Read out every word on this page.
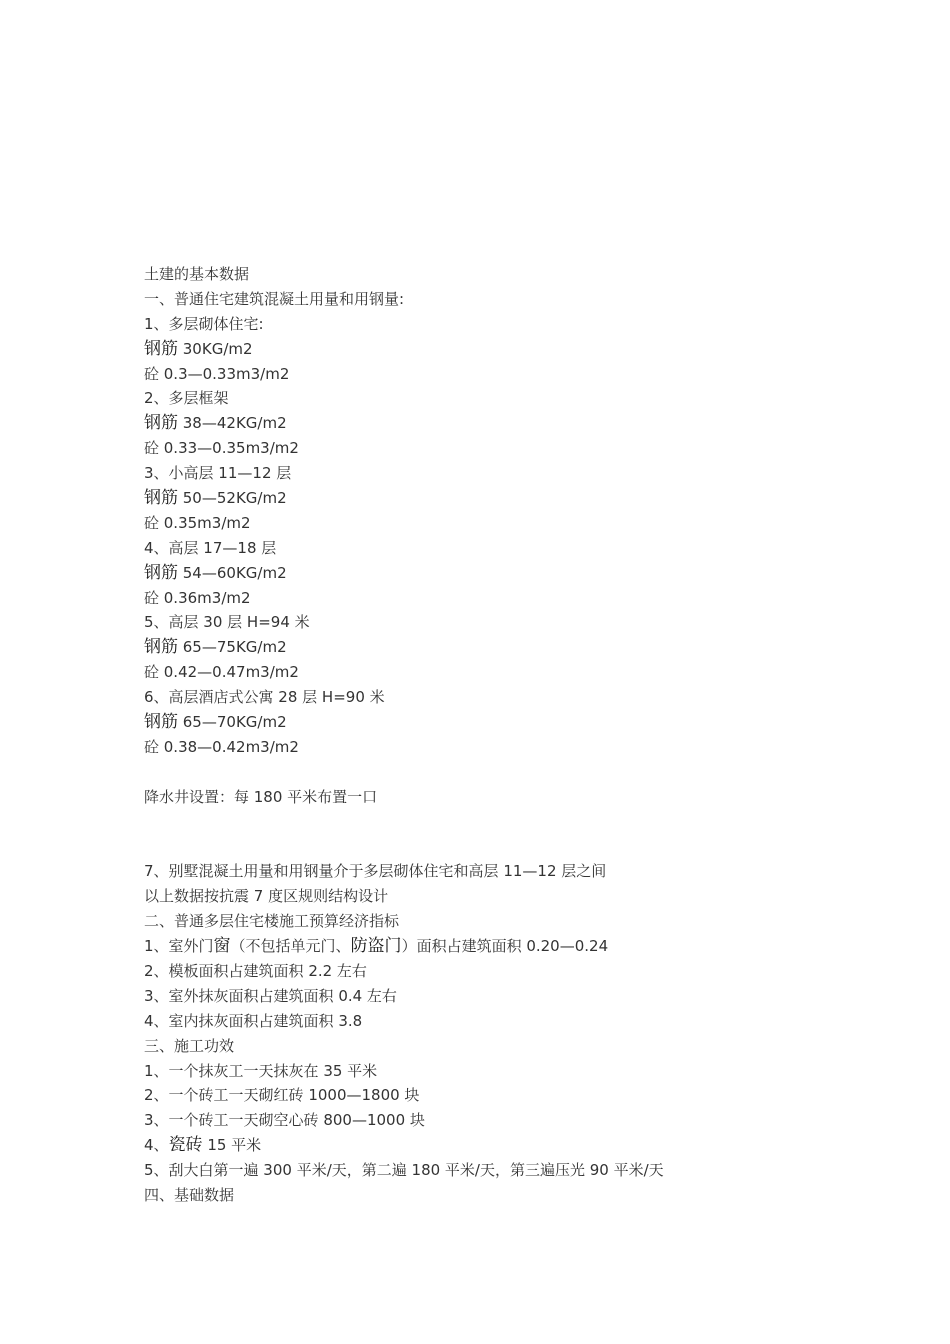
土建的基本数据
一、普通住宅建筑混凝土用量和用钢量:
1、多层砌体住宅:
钢筋 30KG/m2
砼 0.3—0.33m3/m2
2、多层框架
钢筋 38—42KG/m2
砼 0.33—0.35m3/m2
3、小高层 11—12 层
钢筋 50—52KG/m2
砼 0.35m3/m2
4、高层 17—18 层
钢筋 54—60KG/m2
砼 0.36m3/m2
5、高层 30 层 H=94 米
钢筋 65—75KG/m2
砼 0.42—0.47m3/m2
6、高层酒店式公寓 28 层 H=90 米
钢筋 65—70KG/m2
砼 0.38—0.42m3/m2

降水井设置：每 180 平米布置一口

7、别墅混凝土用量和用钢量介于多层砌体住宅和高层 11—12 层之间
以上数据按抗震 7 度区规则结构设计
二、普通多层住宅楼施工预算经济指标
1、室外门窗（不包括单元门、防盗门）面积占建筑面积 0.20—0.24
2、模板面积占建筑面积 2.2 左右
3、室外抹灰面积占建筑面积 0.4 左右
4、室内抹灰面积占建筑面积 3.8
三、施工功效
1、一个抹灰工一天抹灰在 35 平米
2、一个砖工一天砌红砖 1000—1800 块
3、一个砖工一天砌空心砖 800—1000 块
4、瓷砖 15 平米
5、刮大白第一遍 300 平米/天，第二遍 180 平米/天，第三遍压光 90 平米/天
四、基础数据
